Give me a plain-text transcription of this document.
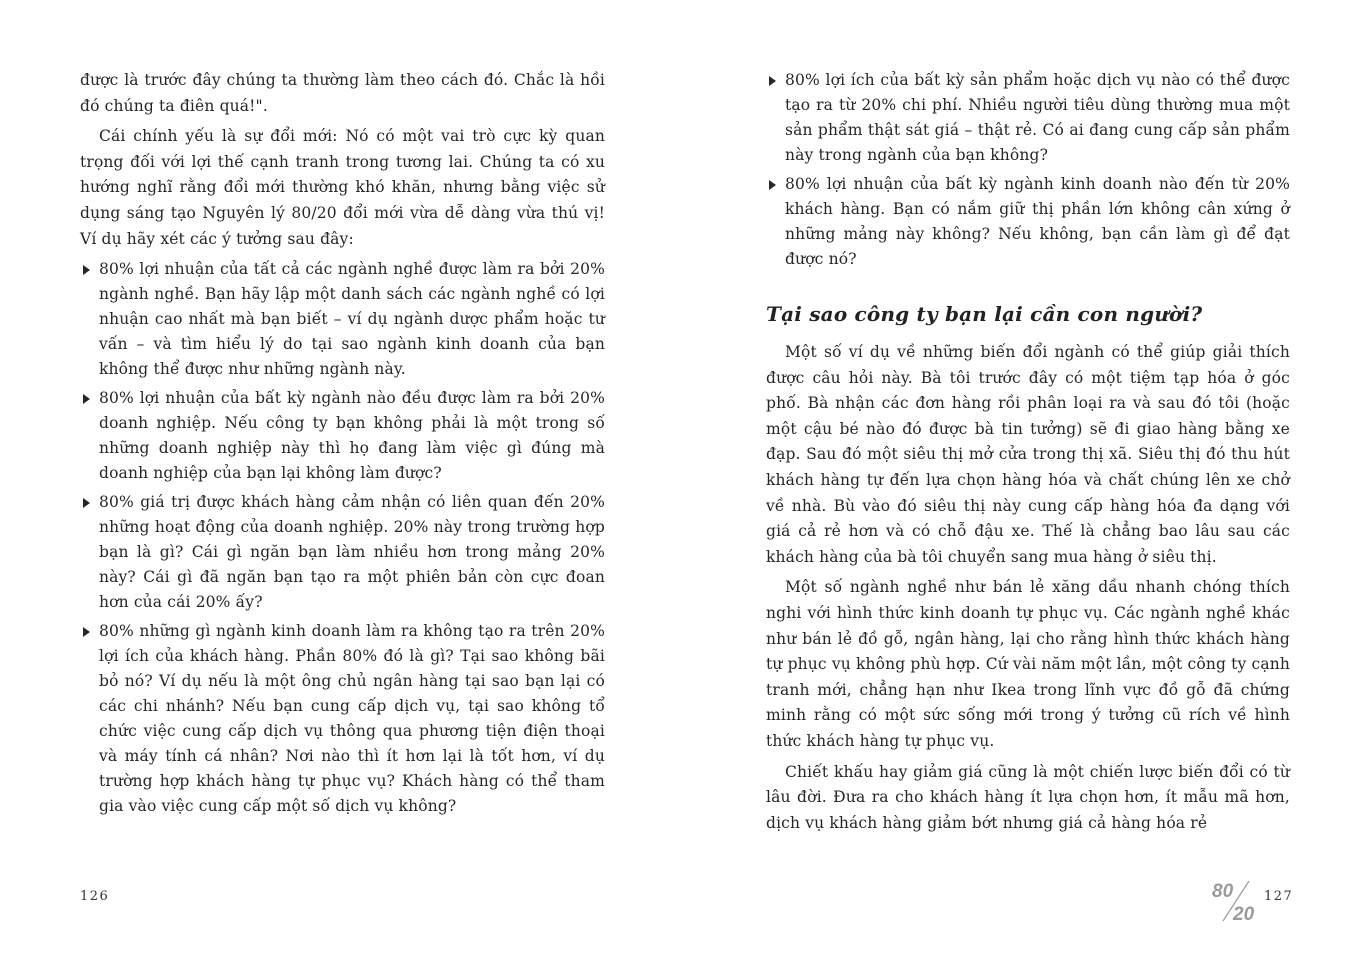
được là trước đây chúng ta thường làm theo cách đó. Chắc là hồi đó chúng ta điên quá!".

Cái chính yếu là sự đổi mới: Nó có một vai trò cực kỳ quan trọng đối với lợi thế cạnh tranh trong tương lai. Chúng ta có xu hướng nghĩ rằng đổi mới thường khó khăn, nhưng bằng việc sử dụng sáng tạo Nguyên lý 80/20 đổi mới vừa dễ dàng vừa thú vị! Ví dụ hãy xét các ý tưởng sau đây:

80% lợi nhuận của tất cả các ngành nghề được làm ra bởi 20% ngành nghề. Bạn hãy lập một danh sách các ngành nghề có lợi nhuận cao nhất mà bạn biết – ví dụ ngành dược phẩm hoặc tư vấn – và tìm hiểu lý do tại sao ngành kinh doanh của bạn không thể được như những ngành này.
80% lợi nhuận của bất kỳ ngành nào đều được làm ra bởi 20% doanh nghiệp. Nếu công ty bạn không phải là một trong số những doanh nghiệp này thì họ đang làm việc gì đúng mà doanh nghiệp của bạn lại không làm được?
80% giá trị được khách hàng cảm nhận có liên quan đến 20% những hoạt động của doanh nghiệp. 20% này trong trường hợp bạn là gì? Cái gì ngăn bạn làm nhiều hơn trong mảng 20% này? Cái gì đã ngăn bạn tạo ra một phiên bản còn cực đoan hơn của cái 20% ấy?
80% những gì ngành kinh doanh làm ra không tạo ra trên 20% lợi ích của khách hàng. Phần 80% đó là gì? Tại sao không bãi bỏ nó? Ví dụ nếu là một ông chủ ngân hàng tại sao bạn lại có các chi nhánh? Nếu bạn cung cấp dịch vụ, tại sao không tổ chức việc cung cấp dịch vụ thông qua phương tiện điện thoại và máy tính cá nhân? Nơi nào thì ít hơn lại là tốt hơn, ví dụ trường hợp khách hàng tự phục vụ? Khách hàng có thể tham gia vào việc cung cấp một số dịch vụ không?
126
80% lợi ích của bất kỳ sản phẩm hoặc dịch vụ nào có thể được tạo ra từ 20% chi phí. Nhiều người tiêu dùng thường mua một sản phẩm thật sát giá – thật rẻ. Có ai đang cung cấp sản phẩm này trong ngành của bạn không?
80% lợi nhuận của bất kỳ ngành kinh doanh nào đến từ 20% khách hàng. Bạn có nắm giữ thị phần lớn không cân xứng ở những mảng này không? Nếu không, bạn cần làm gì để đạt được nó?
Tại sao công ty bạn lại cần con người?

Một số ví dụ về những biến đổi ngành có thể giúp giải thích được câu hỏi này. Bà tôi trước đây có một tiệm tạp hóa ở góc phố. Bà nhận các đơn hàng rồi phân loại ra và sau đó tôi (hoặc một cậu bé nào đó được bà tin tưởng) sẽ đi giao hàng bằng xe đạp. Sau đó một siêu thị mở cửa trong thị xã. Siêu thị đó thu hút khách hàng tự đến lựa chọn hàng hóa và chất chúng lên xe chở về nhà. Bù vào đó siêu thị này cung cấp hàng hóa đa dạng với giá cả rẻ hơn và có chỗ đậu xe. Thế là chẳng bao lâu sau các khách hàng của bà tôi chuyển sang mua hàng ở siêu thị.

Một số ngành nghề như bán lẻ xăng dầu nhanh chóng thích nghi với hình thức kinh doanh tự phục vụ. Các ngành nghề khác như bán lẻ đồ gỗ, ngân hàng, lại cho rằng hình thức khách hàng tự phục vụ không phù hợp. Cứ vài năm một lần, một công ty cạnh tranh mới, chẳng hạn như Ikea trong lĩnh vực đồ gỗ đã chứng minh rằng có một sức sống mới trong ý tưởng cũ rích về hình thức khách hàng tự phục vụ.

Chiết khấu hay giảm giá cũng là một chiến lược biến đổi có từ lâu đời. Đưa ra cho khách hàng ít lựa chọn hơn, ít mẫu mã hơn, dịch vụ khách hàng giảm bớt nhưng giá cả hàng hóa rẻ

80
20
127
